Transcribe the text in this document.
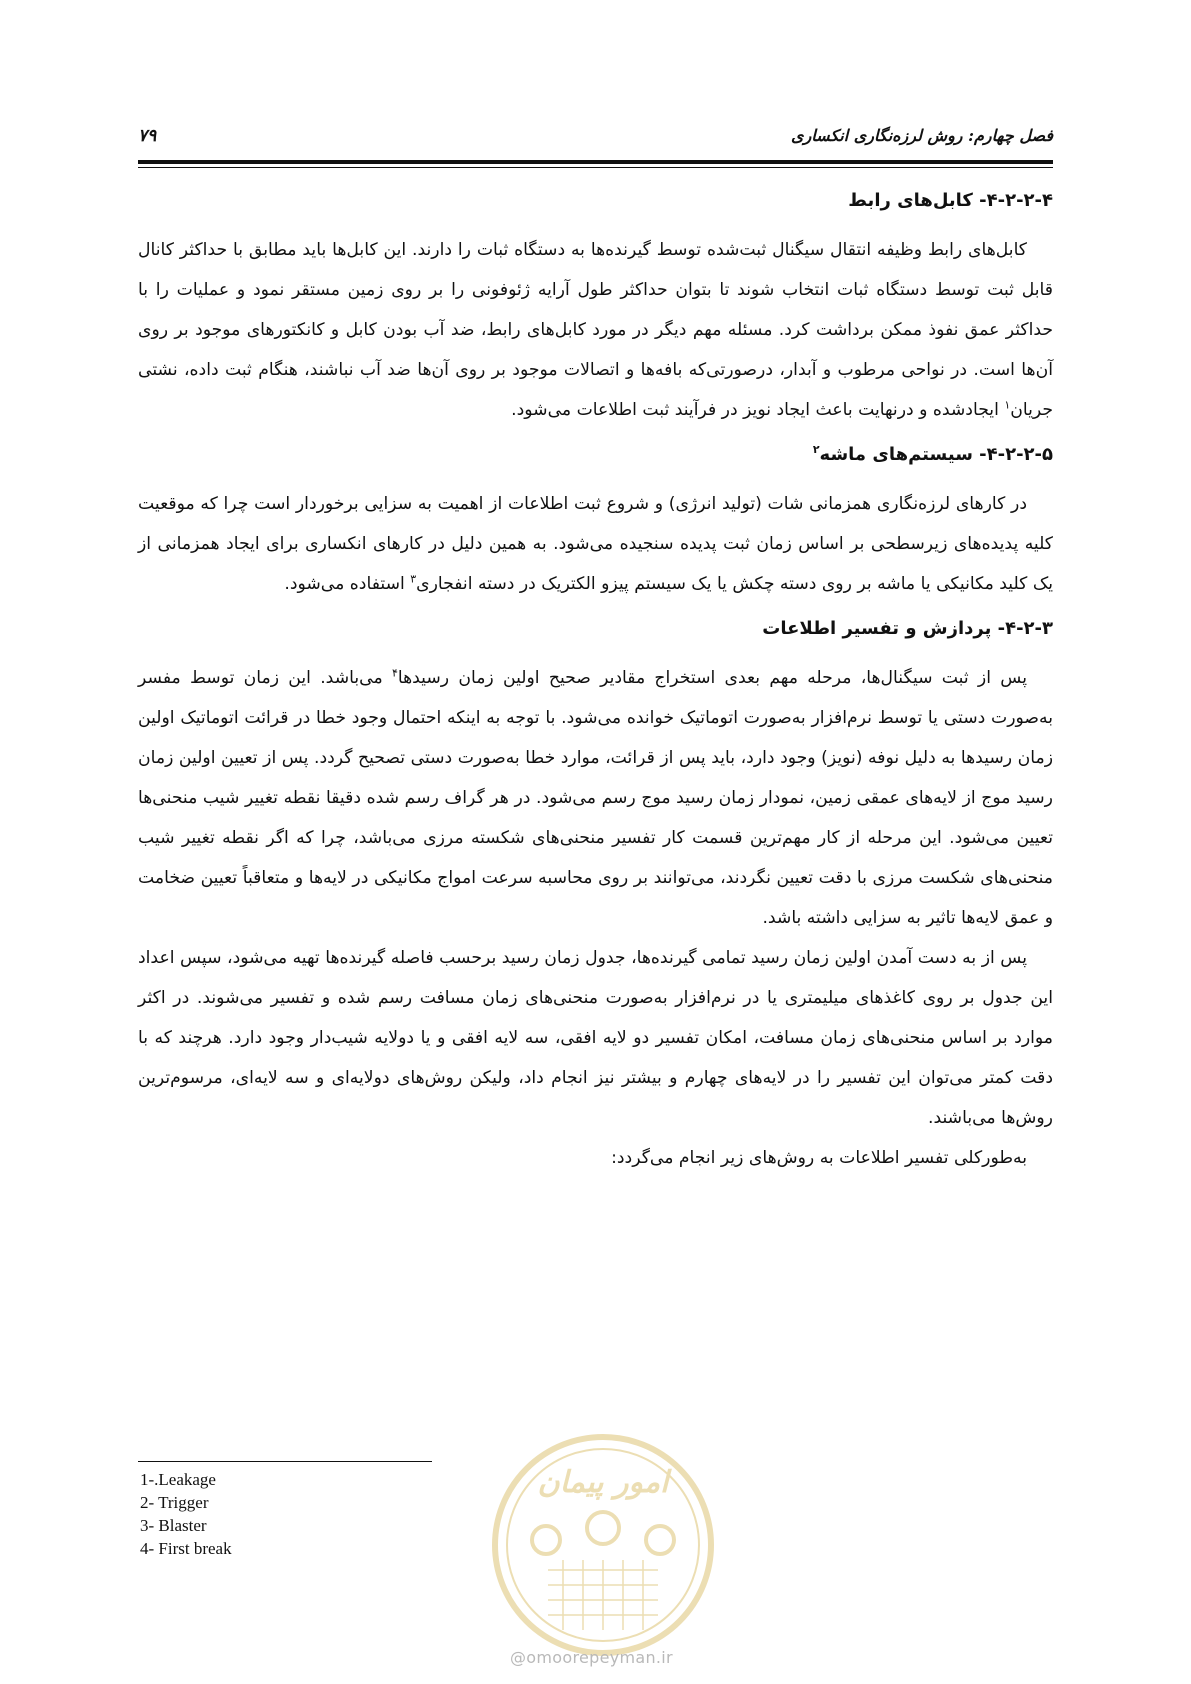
فصل چهارم: روش لرزه‌نگاری انکساری
۷۹
۴-۲-۲-۴- کابل‌های رابط

کابل‌های رابط وظیفه انتقال سیگنال ثبت‌شده توسط گیرنده‌ها به دستگاه ثبات را دارند. این کابل‌ها باید مطابق با حداکثر کانال قابل ثبت توسط دستگاه ثبات انتخاب شوند تا بتوان حداکثر طول آرایه ژئوفونی را بر روی زمین مستقر نمود و عملیات را با حداکثر عمق نفوذ ممکن برداشت کرد. مسئله مهم دیگر در مورد کابل‌های رابط، ضد آب بودن کابل و کانکتورهای موجود بر روی آن‌ها است. در نواحی مرطوب و آبدار، درصورتی‌که بافه‌ها و اتصالات موجود بر روی آن‌ها ضد آب نباشند، هنگام ثبت داده، نشتی جریان$^۱$ ایجادشده و درنهایت باعث ایجاد نویز در فرآیند ثبت اطلاعات می‌شود.

۴-۲-۲-۵- سیستم‌های ماشه$^۲$

در کارهای لرزه‌نگاری همزمانی شات (تولید انرژی) و شروع ثبت اطلاعات از اهمیت به سزایی برخوردار است چرا که موقعیت کلیه پدیده‌های زیرسطحی بر اساس زمان ثبت پدیده سنجیده می‌شود. به همین دلیل در کارهای انکساری برای ایجاد همزمانی از یک کلید مکانیکی یا ماشه بر روی دسته چکش یا یک سیستم پیزو الکتریک در دسته انفجاری$^۳$ استفاده می‌شود.

۴-۲-۳- پردازش و تفسیر اطلاعات

پس از ثبت سیگنال‌ها، مرحله مهم بعدی استخراج مقادیر صحیح اولین زمان رسیدها$^۴$ می‌باشد. این زمان توسط مفسر به‌صورت دستی یا توسط نرم‌افزار به‌صورت اتوماتیک خوانده می‌شود. با توجه به اینکه احتمال وجود خطا در قرائت اتوماتیک اولین زمان رسیدها به دلیل نوفه (نویز) وجود دارد، باید پس از قرائت، موارد خطا به‌صورت دستی تصحیح گردد. پس از تعیین اولین زمان رسید موج از لایه‌های عمقی زمین، نمودار زمان رسید موج رسم می‌شود. در هر گراف رسم شده دقیقا نقطه تغییر شیب منحنی‌ها تعیین می‌شود. این مرحله از کار مهم‌ترین قسمت کار تفسیر منحنی‌های شکسته مرزی می‌باشد، چرا که اگر نقطه تغییر شیب منحنی‌های شکست مرزی با دقت تعیین نگردند، می‌توانند بر روی محاسبه سرعت امواج مکانیکی در لایه‌ها و متعاقباً تعیین ضخامت و عمق لایه‌ها تاثیر به سزایی داشته باشد.

پس از به دست آمدن اولین زمان رسید تمامی گیرنده‌ها، جدول زمان رسید برحسب فاصله گیرنده‌ها تهیه می‌شود، سپس اعداد این جدول بر روی کاغذهای میلیمتری یا در نرم‌افزار به‌صورت منحنی‌های زمان مسافت رسم شده و تفسیر می‌شوند. در اکثر موارد بر اساس منحنی‌های زمان مسافت، امکان تفسیر دو لایه افقی، سه لایه افقی و یا دولایه شیب‌دار وجود دارد. هرچند که با دقت کمتر می‌توان این تفسیر را در لایه‌های چهارم و بیشتر نیز انجام داد، ولیکن روش‌های دولایه‌ای و سه لایه‌ای، مرسوم‌ترین روش‌ها می‌باشند.

به‌طورکلی تفسیر اطلاعات به روش‌های زیر انجام می‌گردد:

امور پیمان
@omoorepeyman.ir
1-.Leakage
2- Trigger
3- Blaster
4- First break
